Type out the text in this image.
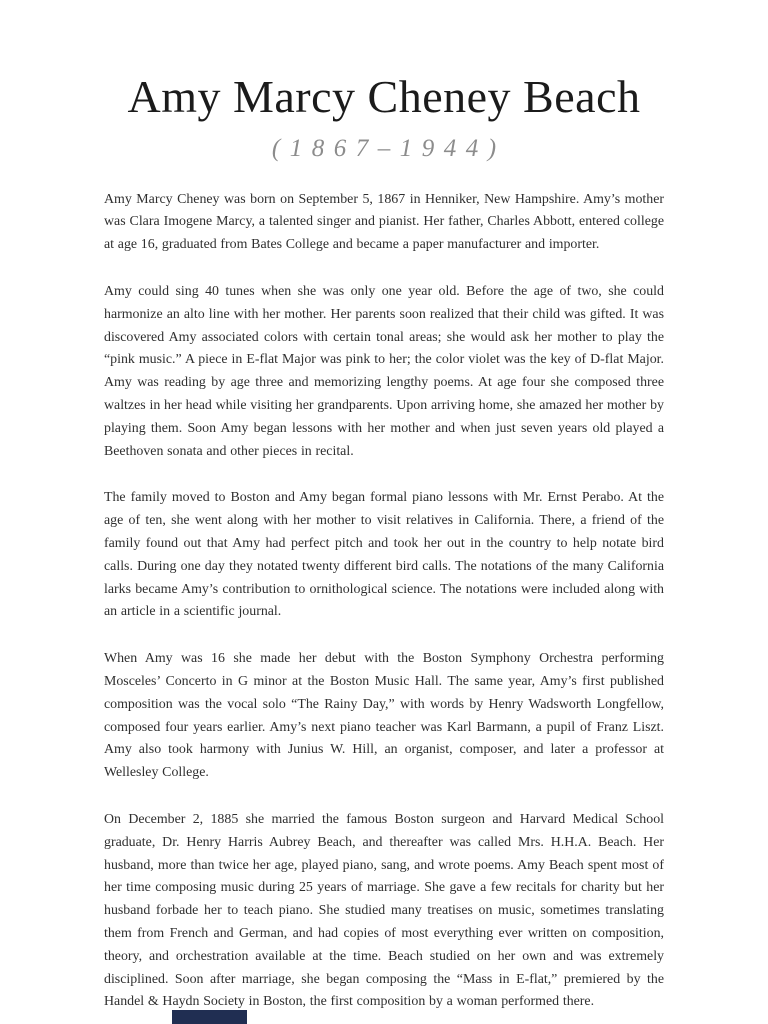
Amy Marcy Cheney Beach
(1867–1944)

Amy Marcy Cheney was born on September 5, 1867 in Henniker, New Hampshire. Amy’s mother was Clara Imogene Marcy, a talented singer and pianist. Her father, Charles Abbott, entered college at age 16, graduated from Bates College and became a paper manufacturer and importer.

Amy could sing 40 tunes when she was only one year old. Before the age of two, she could harmonize an alto line with her mother. Her parents soon realized that their child was gifted. It was discovered Amy associated colors with certain tonal areas; she would ask her mother to play the “pink music.” A piece in E-flat Major was pink to her; the color violet was the key of D-flat Major. Amy was reading by age three and memorizing lengthy poems. At age four she composed three waltzes in her head while visiting her grandparents. Upon arriving home, she amazed her mother by playing them. Soon Amy began lessons with her mother and when just seven years old played a Beethoven sonata and other pieces in recital.

The family moved to Boston and Amy began formal piano lessons with Mr. Ernst Perabo. At the age of ten, she went along with her mother to visit relatives in California. There, a friend of the family found out that Amy had perfect pitch and took her out in the country to help notate bird calls. During one day they notated twenty different bird calls. The notations of the many California larks became Amy’s contribution to ornithological science. The notations were included along with an article in a scientific journal.

When Amy was 16 she made her debut with the Boston Symphony Orchestra performing Mosceles’ Concerto in G minor at the Boston Music Hall. The same year, Amy’s first published composition was the vocal solo “The Rainy Day,” with words by Henry Wadsworth Longfellow, composed four years earlier. Amy’s next piano teacher was Karl Barmann, a pupil of Franz Liszt. Amy also took harmony with Junius W. Hill, an organist, composer, and later a professor at Wellesley College.

On December 2, 1885 she married the famous Boston surgeon and Harvard Medical School graduate, Dr. Henry Harris Aubrey Beach, and thereafter was called Mrs. H.H.A. Beach. Her husband, more than twice her age, played piano, sang, and wrote poems. Amy Beach spent most of her time composing music during 25 years of marriage. She gave a few recitals for charity but her husband forbade her to teach piano. She studied many treatises on music, sometimes translating them from French and German, and had copies of most everything ever written on composition, theory, and orchestration available at the time. Beach studied on her own and was extremely disciplined. Soon after marriage, she began composing the “Mass in E-flat,” premiered by the Handel & Haydn Society in Boston, the first composition by a woman performed there.
